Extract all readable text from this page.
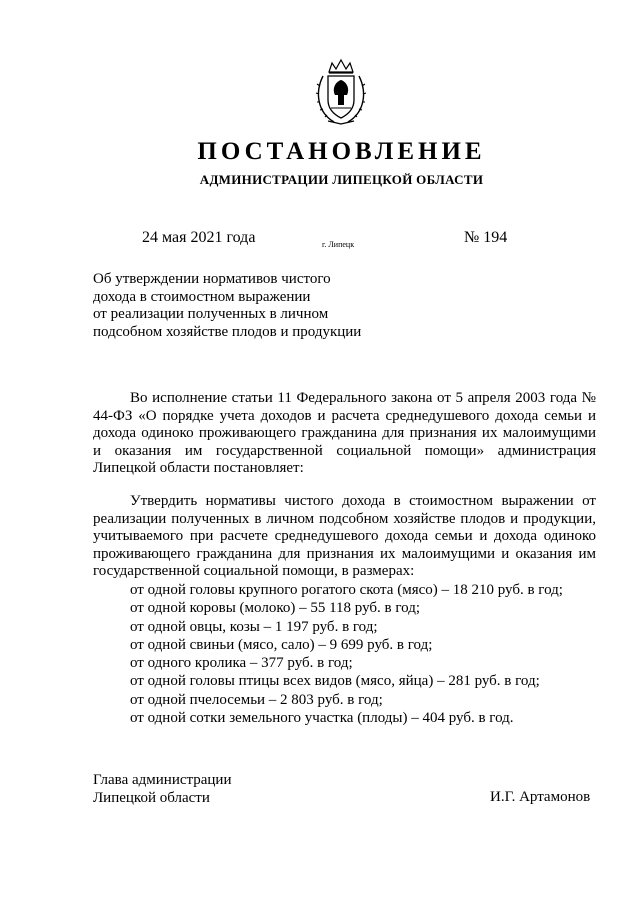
ПОСТАНОВЛЕНИЕ
АДМИНИСТРАЦИИ ЛИПЕЦКОЙ ОБЛАСТИ
24 мая 2021 года	г. Липецк	№ 194
Об утверждении нормативов чистого
дохода в стоимостном выражении
от реализации полученных в личном
подсобном хозяйстве плодов и продукции
Во исполнение статьи 11 Федерального закона от 5 апреля 2003 года № 44-ФЗ «О порядке учета доходов и расчета среднедушевого дохода семьи и дохода одиноко проживающего гражданина для признания их малоимущими и оказания им государственной социальной помощи» администрация Липецкой области постановляет:
Утвердить нормативы чистого дохода в стоимостном выражении от реализации полученных в личном подсобном хозяйстве плодов и продукции, учитываемого при расчете среднедушевого дохода семьи и дохода одиноко проживающего гражданина для признания их малоимущими и оказания им государственной социальной помощи, в размерах:
от одной головы крупного рогатого скота (мясо) – 18 210 руб. в год;
от одной коровы (молоко) – 55 118 руб. в год;
от одной овцы, козы – 1 197 руб. в год;
от одной свиньи (мясо, сало) – 9 699 руб. в год;
от одного кролика – 377 руб. в год;
от одной головы птицы всех видов (мясо, яйца) – 281 руб. в год;
от одной пчелосемьи – 2 803 руб. в год;
от одной сотки земельного участка (плоды) – 404 руб. в год.
Глава администрации
Липецкой области	И.Г. Артамонов
